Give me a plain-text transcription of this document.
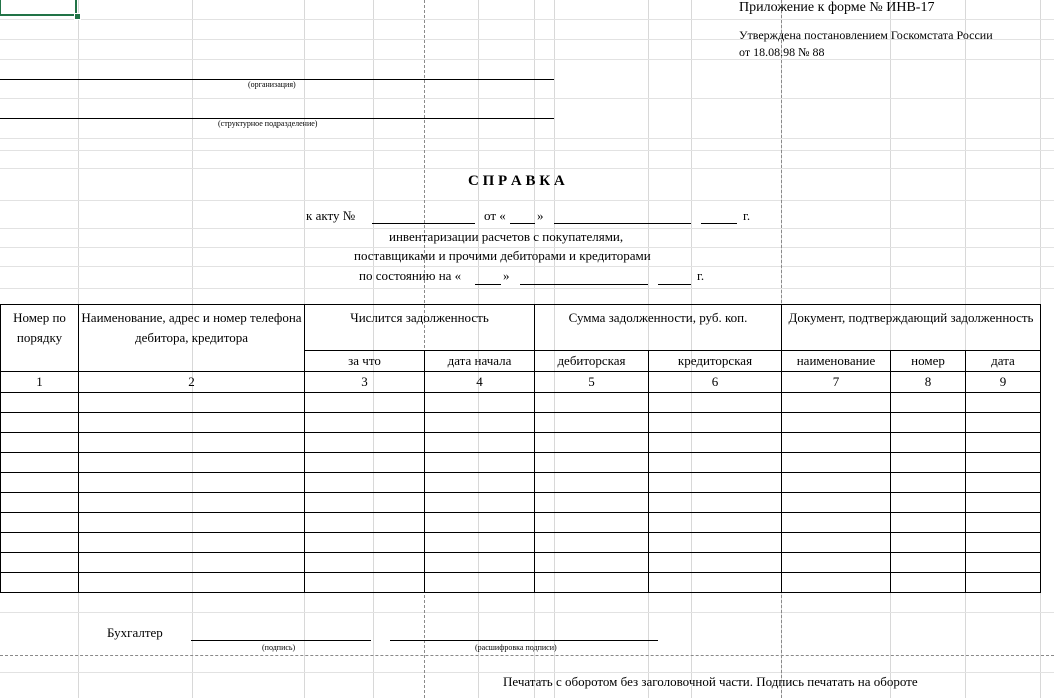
Приложение к форме № ИНВ-17
Утверждена постановлением Госкомстата России
от 18.08.98 № 88
(организация)
(структурное подразделение)
С П Р А В К А
к акту №	от « »	г.
инвентаризации расчетов с покупателями,
поставщиками и прочими дебиторами и кредиторами
по состоянию на «	»	г.
Номер по порядку	Наименование, адрес и номер телефона дебитора, кредитора	Числится задолженность		Сумма задолженности, руб. коп.		Документ, подтверждающий задолженность		
		за что	дата начала	дебиторская	кредиторская	наименование	номер	дата
1	2	3	4	5	6	7	8	9

Бухгалтер
(подпись)	(расшифровка подписи)
Печатать с оборотом без заголовочной части. Подпись печатать на обороте
